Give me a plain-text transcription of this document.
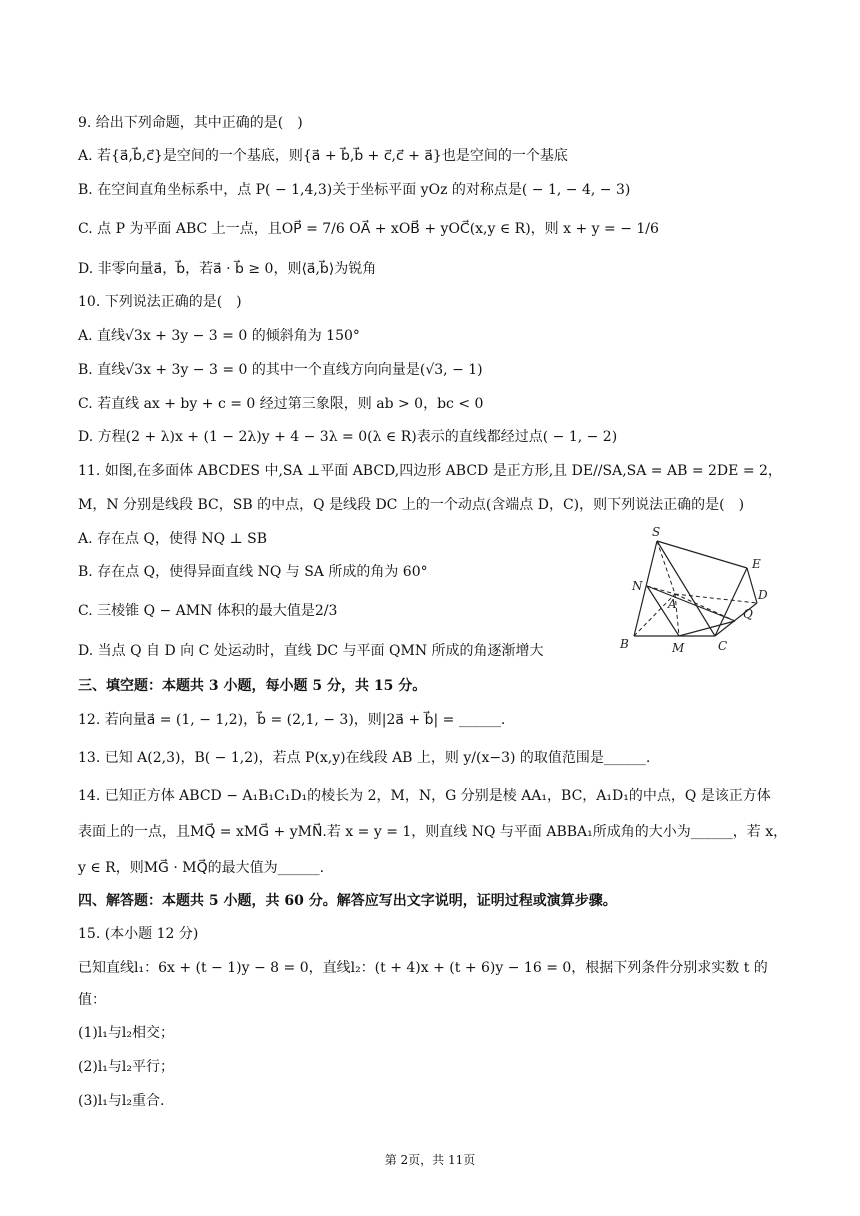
9. 给出下列命题，其中正确的是(　)
A. 若{a⃗,b⃗,c⃗}是空间的一个基底，则{a⃗ + b⃗,b⃗ + c⃗,c⃗ + a⃗}也是空间的一个基底
B. 在空间直角坐标系中，点 P( − 1,4,3)关于坐标平面 yOz 的对称点是( − 1, − 4, − 3)
C. 点 P 为平面 ABC 上一点，且OP⃗ = 7/6 OA⃗ + xOB⃗ + yOC⃗(x,y ∈ R)，则 x + y = − 1/6
D. 非零向量a⃗，b⃗，若a⃗ · b⃗ ≥ 0，则⟨a⃗,b⃗⟩为锐角
10. 下列说法正确的是(　)
A. 直线√3x + 3y − 3 = 0 的倾斜角为 150°
B. 直线√3x + 3y − 3 = 0 的其中一个直线方向向量是(√3, − 1)
C. 若直线 ax + by + c = 0 经过第三象限，则 ab > 0，bc < 0
D. 方程(2 + λ)x + (1 − 2λ)y + 4 − 3λ = 0(λ ∈ R)表示的直线都经过点( − 1, − 2)
11. 如图,在多面体 ABCDES 中,SA ⊥平面 ABCD,四边形 ABCD 是正方形,且 DE//SA,SA = AB = 2DE = 2，
M，N 分别是线段 BC，SB 的中点，Q 是线段 DC 上的一个动点(含端点 D，C)，则下列说法正确的是(　)
A. 存在点 Q，使得 NQ ⊥ SB
B. 存在点 Q，使得异面直线 NQ 与 SA 所成的角为 60°
C. 三棱锥 Q − AMN 体积的最大值是2/3
D. 当点 Q 自 D 向 C 处运动时，直线 DC 与平面 QMN 所成的角逐渐增大
S
E
N
A
D
Q
B	M	C
三、填空题：本题共 3 小题，每小题 5 分，共 15 分。
12. 若向量a⃗ = (1, − 1,2)，b⃗ = (2,1, − 3)，则|2a⃗ + b⃗| = ______.
13. 已知 A(2,3)，B( − 1,2)，若点 P(x,y)在线段 AB 上，则 y/(x−3) 的取值范围是______.
14. 已知正方体 ABCD − A₁B₁C₁D₁的棱长为 2，M，N，G 分别是棱 AA₁，BC，A₁D₁的中点，Q 是该正方体
表面上的一点，且MQ⃗ = xMG⃗ + yMN⃗.若 x = y = 1，则直线 NQ 与平面 ABBA₁所成角的大小为______，若 x，
y ∈ R，则MG⃗ · MQ⃗的最大值为______.
四、解答题：本题共 5 小题，共 60 分。解答应写出文字说明，证明过程或演算步骤。
15. (本小题 12 分)
已知直线l₁：6x + (t − 1)y − 8 = 0，直线l₂：(t + 4)x + (t + 6)y − 16 = 0，根据下列条件分别求实数 t 的
值：
(1)l₁与l₂相交；
(2)l₁与l₂平行；
(3)l₁与l₂重合.
第 2页，共 11页
